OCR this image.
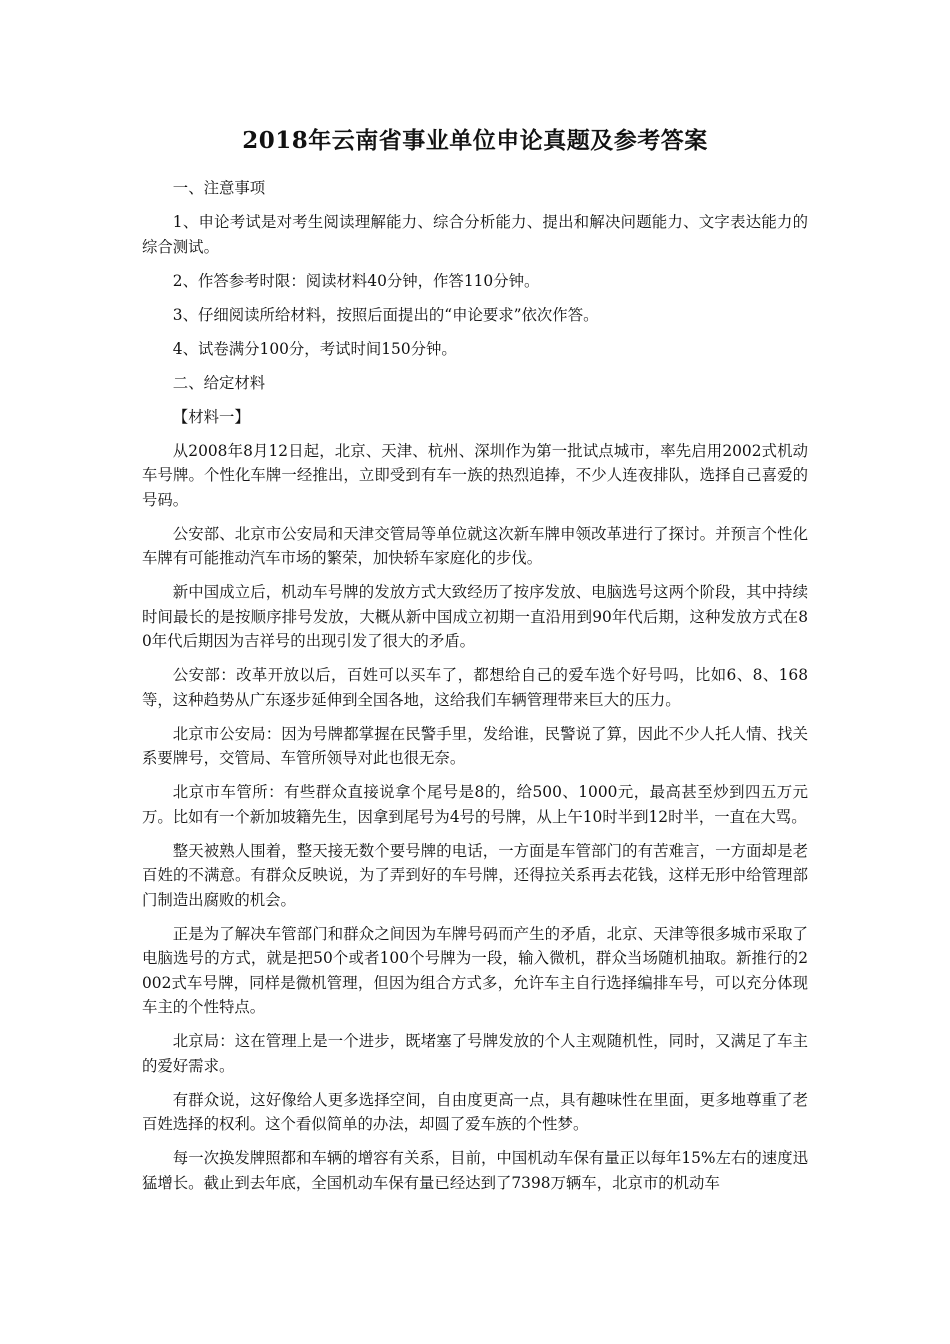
2018年云南省事业单位申论真题及参考答案

一、注意事项

1、申论考试是对考生阅读理解能力、综合分析能力、提出和解决问题能力、文字表达能力的综合测试。

2、作答参考时限：阅读材料40分钟，作答110分钟。

3、仔细阅读所给材料，按照后面提出的“申论要求”依次作答。

4、试卷满分100分，考试时间150分钟。

二、给定材料

【材料一】

从2008年8月12日起，北京、天津、杭州、深圳作为第一批试点城市，率先启用2002式机动车号牌。个性化车牌一经推出，立即受到有车一族的热烈追捧，不少人连夜排队，选择自己喜爱的号码。

公安部、北京市公安局和天津交管局等单位就这次新车牌申领改革进行了探讨。并预言个性化车牌有可能推动汽车市场的繁荣，加快轿车家庭化的步伐。

新中国成立后，机动车号牌的发放方式大致经历了按序发放、电脑选号这两个阶段，其中持续时间最长的是按顺序排号发放，大概从新中国成立初期一直沿用到90年代后期，这种发放方式在80年代后期因为吉祥号的出现引发了很大的矛盾。

公安部：改革开放以后，百姓可以买车了，都想给自己的爱车选个好号吗，比如6、8、168等，这种趋势从广东逐步延伸到全国各地，这给我们车辆管理带来巨大的压力。

北京市公安局：因为号牌都掌握在民警手里，发给谁，民警说了算，因此不少人托人情、找关系要牌号，交管局、车管所领导对此也很无奈。

北京市车管所：有些群众直接说拿个尾号是8的，给500、1000元，最高甚至炒到四五万元万。比如有一个新加坡籍先生，因拿到尾号为4号的号牌，从上午10时半到12时半，一直在大骂。

整天被熟人围着，整天接无数个要号牌的电话，一方面是车管部门的有苦难言，一方面却是老百姓的不满意。有群众反映说，为了弄到好的车号牌，还得拉关系再去花钱，这样无形中给管理部门制造出腐败的机会。

正是为了解决车管部门和群众之间因为车牌号码而产生的矛盾，北京、天津等很多城市采取了电脑选号的方式，就是把50个或者100个号牌为一段，输入微机，群众当场随机抽取。新推行的2002式车号牌，同样是微机管理，但因为组合方式多，允许车主自行选择编排车号，可以充分体现车主的个性特点。

北京局：这在管理上是一个进步，既堵塞了号牌发放的个人主观随机性，同时，又满足了车主的爱好需求。

有群众说，这好像给人更多选择空间，自由度更高一点，具有趣味性在里面，更多地尊重了老百姓选择的权利。这个看似简单的办法，却圆了爱车族的个性梦。

每一次换发牌照都和车辆的增容有关系，目前，中国机动车保有量正以每年15%左右的速度迅猛增长。截止到去年底，全国机动车保有量已经达到了7398万辆车，北京市的机动车
